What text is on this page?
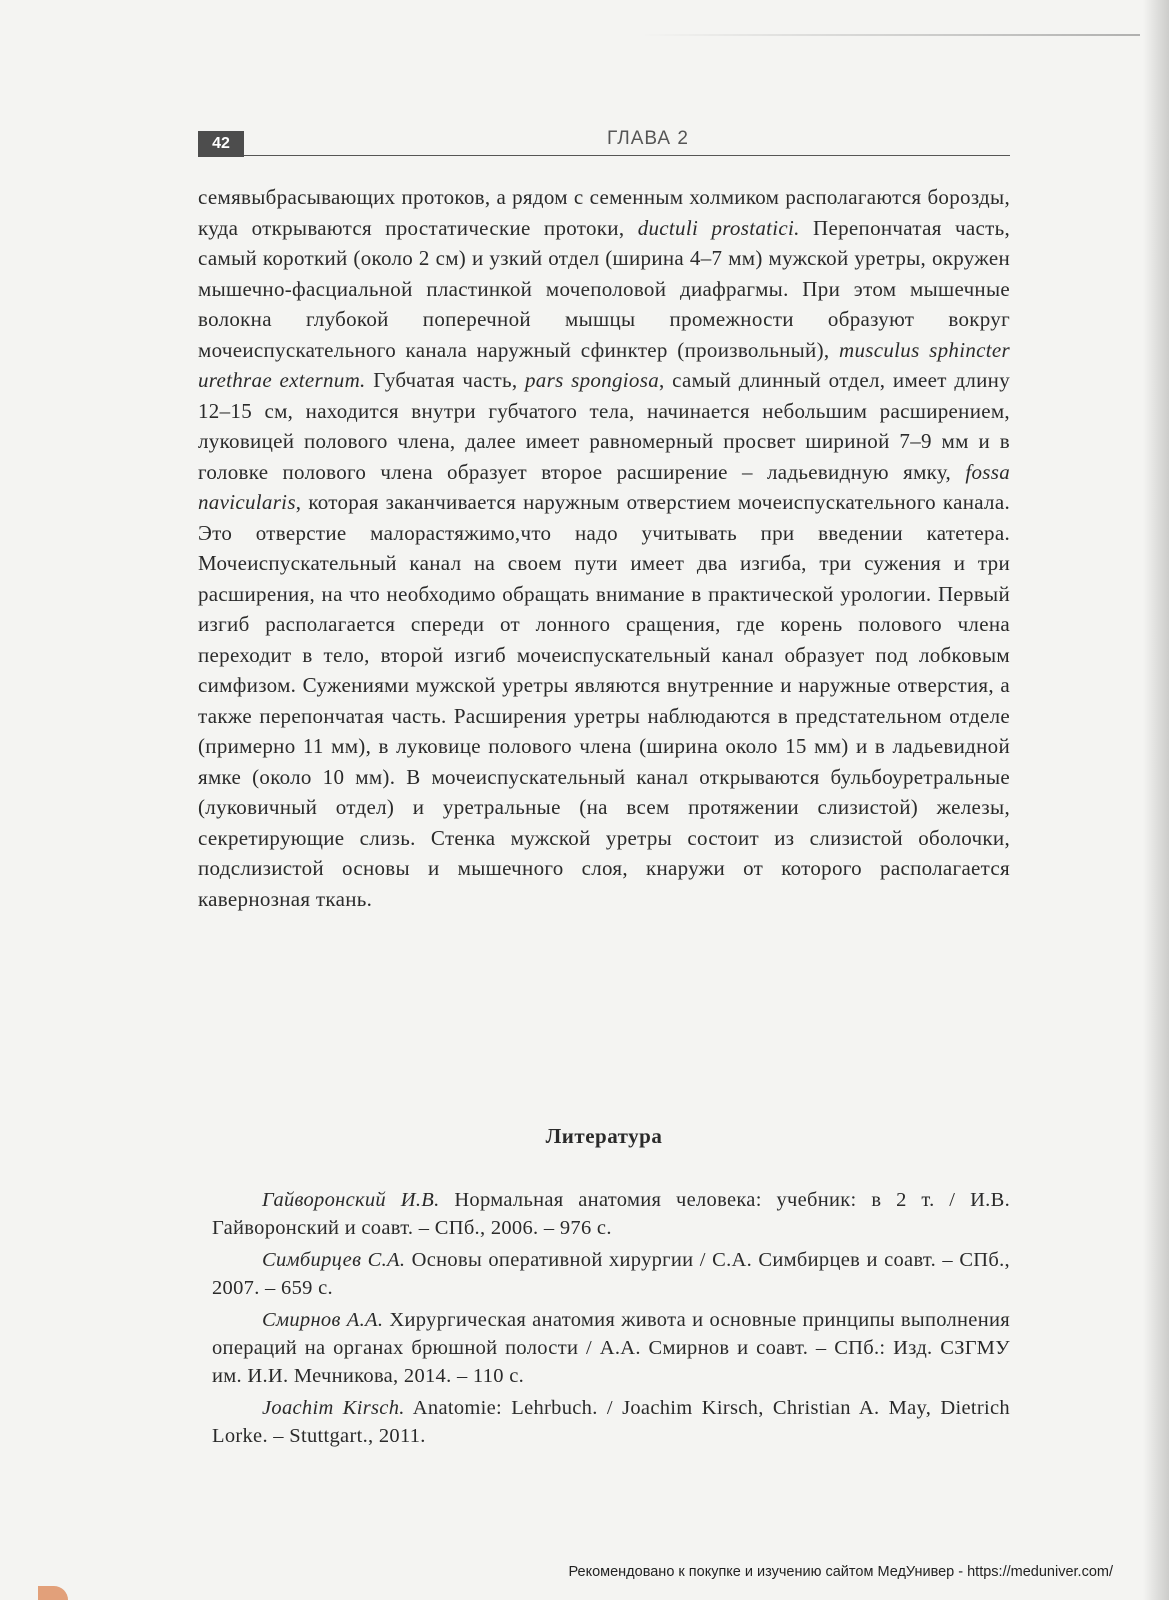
42	ГЛАВА 2

семявыбрасывающих протоков, а рядом с семенным холмиком располагаются борозды, куда открываются простатические протоки, ductuli prostatici. Перепончатая часть, самый короткий (около 2 см) и узкий отдел (ширина 4–7 мм) мужской уретры, окружен мышечно-фасциальной пластинкой мочеполовой диафрагмы. При этом мышечные волокна глубокой поперечной мышцы промежности образуют вокруг мочеиспускательного канала наружный сфинктер (произвольный), musculus sphincter urethrae externum. Губчатая часть, pars spongiosa, самый длинный отдел, имеет длину 12–15 см, находится внутри губчатого тела, начинается небольшим расширением, луковицей полового члена, далее имеет равномерный просвет шириной 7–9 мм и в головке полового члена образует второе расширение – ладьевидную ямку, fossa navicularis, которая заканчивается наружным отверстием мочеиспускательного канала. Это отверстие малорастяжимо,что надо учитывать при введении катетера. Мочеиспускательный канал на своем пути имеет два изгиба, три сужения и три расширения, на что необходимо обращать внимание в практической урологии. Первый изгиб располагается спереди от лонного сращения, где корень полового члена переходит в тело, второй изгиб мочеиспускательный канал образует под лобковым симфизом. Сужениями мужской уретры являются внутренние и наружные отверстия, а также перепончатая часть. Расширения уретры наблюдаются в предстательном отделе (примерно 11 мм), в луковице полового члена (ширина около 15 мм) и в ладьевидной ямке (около 10 мм). В мочеиспускательный канал открываются бульбоуретральные (луковичный отдел) и уретральные (на всем протяжении слизистой) железы, секретирующие слизь. Стенка мужской уретры состоит из слизистой оболочки, подслизистой основы и мышечного слоя, кнаружи от которого располагается кавернозная ткань.

Литература

Гайворонский И.В. Нормальная анатомия человека: учебник: в 2 т. / И.В. Гайворонский и соавт. – СПб., 2006. – 976 с.

Симбирцев С.А. Основы оперативной хирургии / С.А. Симбирцев и соавт. – СПб., 2007. – 659 с.

Смирнов А.А. Хирургическая анатомия живота и основные принципы выполнения операций на органах брюшной полости / А.А. Смирнов и соавт. – СПб.: Изд. СЗГМУ им. И.И. Мечникова, 2014. – 110 с.

Joachim Kirsch. Anatomie: Lehrbuch. / Joachim Kirsch, Christian A. May, Dietrich Lorke. – Stuttgart., 2011.

Рекомендовано к покупке и изучению сайтом МедУнивер - https://meduniver.com/
